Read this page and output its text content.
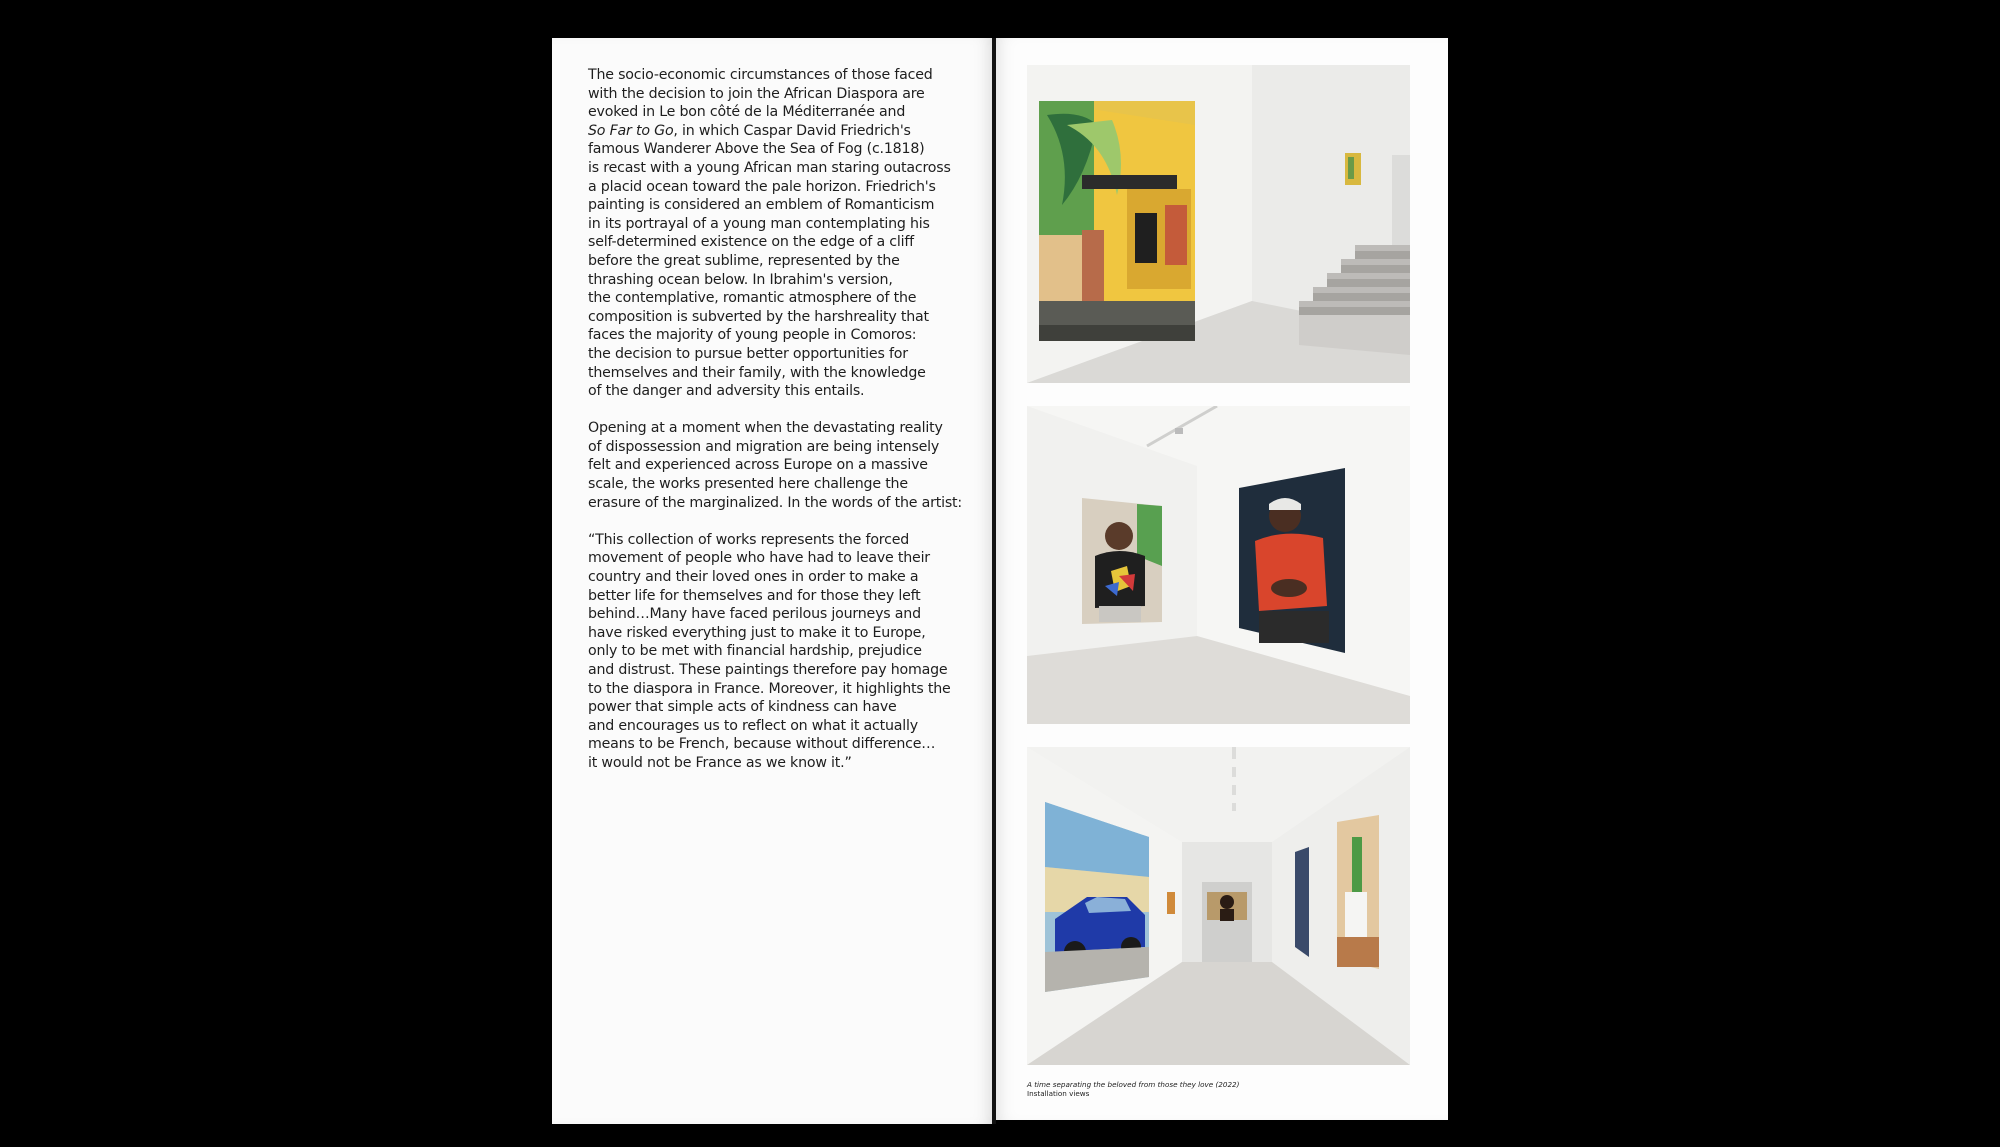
The socio-economic circumstances of those faced
with the decision to join the African Diaspora are
evoked in Le bon côté de la Méditerranée and
So Far to Go, in which Caspar David Friedrich's
famous Wanderer Above the Sea of Fog (c.1818)
is recast with a young African man staring outacross
a placid ocean toward the pale horizon. Friedrich's
painting is considered an emblem of Romanticism
in its portrayal of a young man contemplating his
self-determined existence on the edge of a cliff
before the great sublime, represented by the
thrashing ocean below. In Ibrahim's version,
the contemplative, romantic atmosphere of the
composition is subverted by the harshreality that
faces the majority of young people in Comoros:
the decision to pursue better opportunities for
themselves and their family, with the knowledge
of the danger and adversity this entails.

Opening at a moment when the devastating reality
of dispossession and migration are being intensely
felt and experienced across Europe on a massive
scale, the works presented here challenge the
erasure of the marginalized. In the words of the artist:

“This collection of works represents the forced
movement of people who have had to leave their
country and their loved ones in order to make a
better life for themselves and for those they left
behind…Many have faced perilous journeys and
have risked everything just to make it to Europe,
only to be met with financial hardship, prejudice
and distrust. These paintings therefore pay homage
to the diaspora in France. Moreover, it highlights the
power that simple acts of kindness can have
and encourages us to reflect on what it actually
means to be French, because without difference…
it would not be France as we know it.”

A time separating the beloved from those they love (2022)
Installation views
